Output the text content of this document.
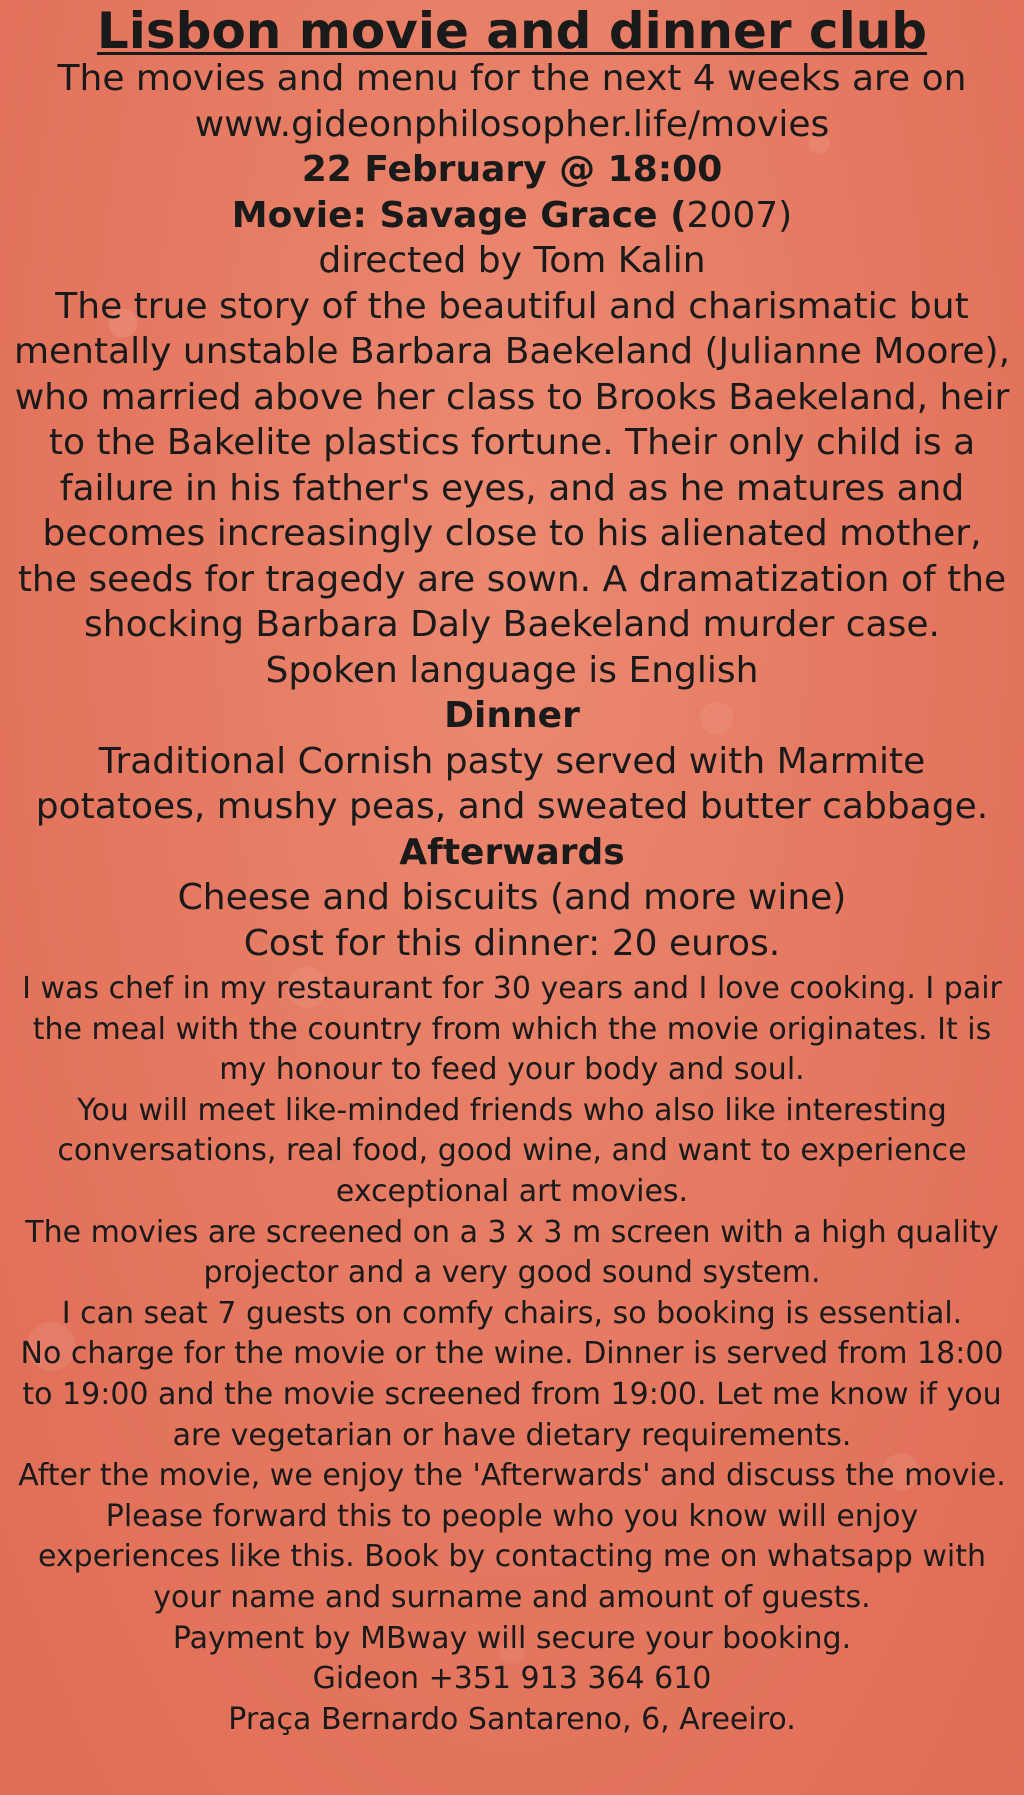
Lisbon movie and dinner club

The movies and menu for the next 4 weeks are on

www.gideonphilosopher.life/movies

22 February @ 18:00

Movie: Savage Grace (2007)

directed by Tom Kalin

The true story of the beautiful and charismatic but mentally unstable Barbara Baekeland (Julianne Moore), who married above her class to Brooks Baekeland, heir to the Bakelite plastics fortune. Their only child is a failure in his father's eyes, and as he matures and becomes increasingly close to his alienated mother, the seeds for tragedy are sown. A dramatization of the shocking Barbara Daly Baekeland murder case.

Spoken language is English

Dinner

Traditional Cornish pasty served with Marmite potatoes, mushy peas, and sweated butter cabbage.

Afterwards

Cheese and biscuits (and more wine)

Cost for this dinner: 20 euros.

I was chef in my restaurant for 30 years and I love cooking. I pair the meal with the country from which the movie originates. It is my honour to feed your body and soul.

You will meet like-minded friends who also like interesting conversations, real food, good wine, and want to experience exceptional art movies.

The movies are screened on a 3 x 3 m screen with a high quality projector and a very good sound system.

I can seat 7 guests on comfy chairs, so booking is essential.

No charge for the movie or the wine. Dinner is served from 18:00 to 19:00 and the movie screened from 19:00. Let me know if you are vegetarian or have dietary requirements.

After the movie, we enjoy the 'Afterwards' and discuss the movie.

Please forward this to people who you know will enjoy experiences like this. Book by contacting me on whatsapp with your name and surname and amount of guests.

Payment by MBway will secure your booking.

Gideon +351 913 364 610

Praça Bernardo Santareno, 6, Areeiro.
